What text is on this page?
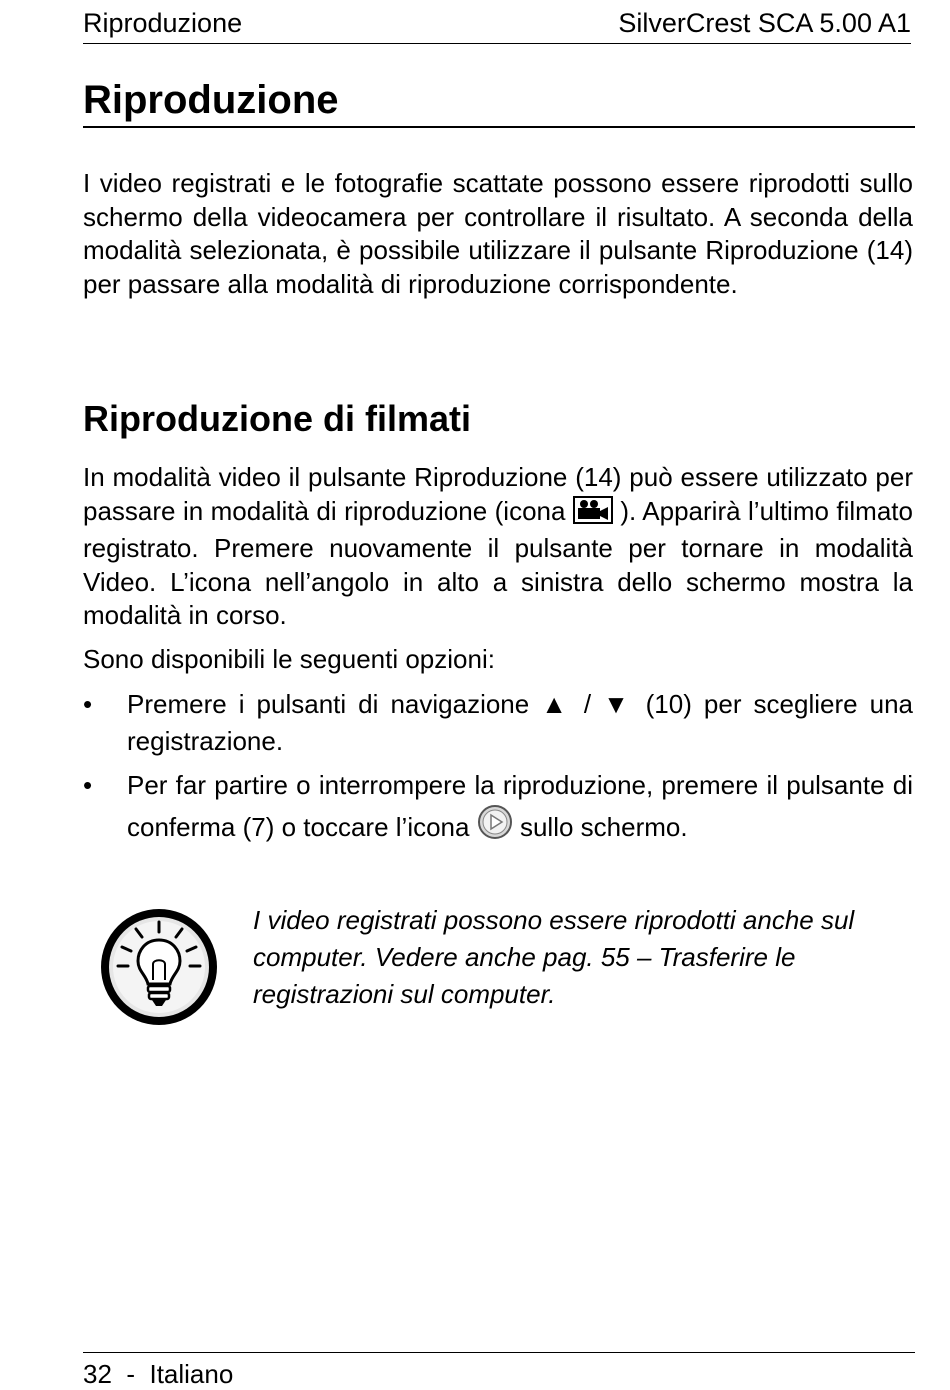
Riproduzione	SilverCrest SCA 5.00 A1
Riproduzione

I video registrati e le fotografie scattate possono essere riprodotti sullo schermo della videocamera per controllare il risultato. A seconda della modalità selezionata, è possibile utilizzare il pulsante Riproduzione (14) per passare alla modalità di riproduzione corrispondente.

Riproduzione di filmati

In modalità video il pulsante Riproduzione (14) può essere utilizzato per passare in modalità di riproduzione (icona ). Apparirà l’ultimo filmato registrato. Premere nuovamente il pulsante per tornare in modalità Video. L’icona nell’angolo in alto a sinistra dello schermo mostra la modalità in corso.

Sono disponibili le seguenti opzioni:

• Premere i pulsanti di navigazione ▲ / ▼ (10) per scegliere una registrazione.
• Per far partire o interrompere la riproduzione, premere il pulsante di conferma (7) o toccare l’icona sullo schermo.

I video registrati possono essere riprodotti anche sul computer. Vedere anche pag. 55 – Trasferire le registrazioni sul computer.

32  -  Italiano
